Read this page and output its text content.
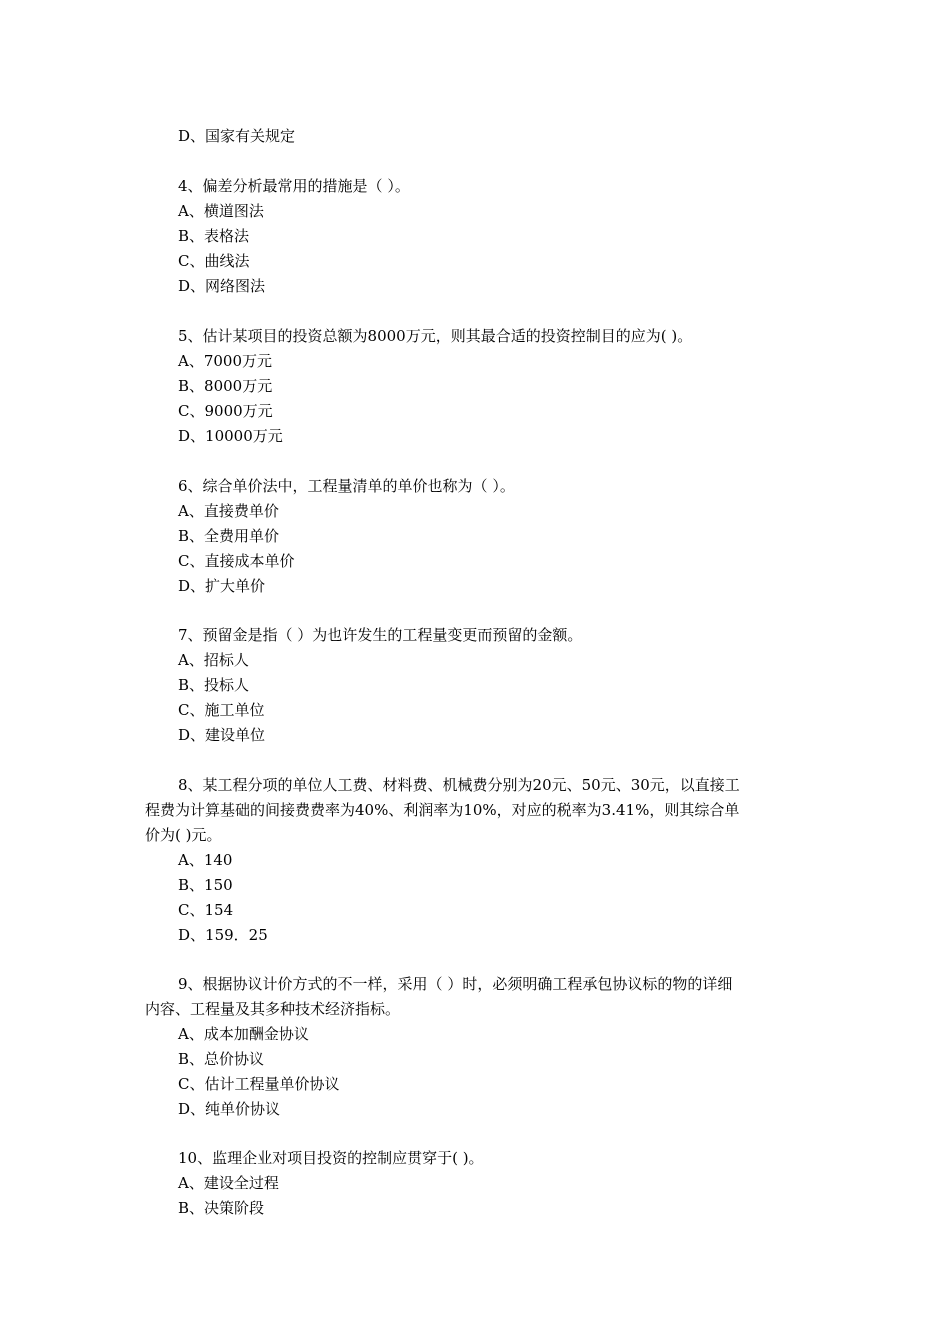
D、国家有关规定
4、偏差分析最常用的措施是（ ）。
A、横道图法
B、表格法
C、曲线法
D、网络图法
5、估计某项目的投资总额为8000万元，则其最合适的投资控制目的应为( )。
A、7000万元
B、8000万元
C、9000万元
D、10000万元
6、综合单价法中，工程量清单的单价也称为（ ）。
A、直接费单价
B、全费用单价
C、直接成本单价
D、扩大单价
7、预留金是指（ ）为也许发生的工程量变更而预留的金额。
A、招标人
B、投标人
C、施工单位
D、建设单位
8、某工程分项的单位人工费、材料费、机械费分别为20元、50元、30元，以直接工
程费为计算基础的间接费费率为40%、利润率为10%，对应的税率为3.41%，则其综合单
价为( )元。
A、140
B、150
C、154
D、159．25
9、根据协议计价方式的不一样，采用（ ）时，必须明确工程承包协议标的物的详细
内容、工程量及其多种技术经济指标。
A、成本加酬金协议
B、总价协议
C、估计工程量单价协议
D、纯单价协议
10、监理企业对项目投资的控制应贯穿于( )。
A、建设全过程
B、决策阶段
